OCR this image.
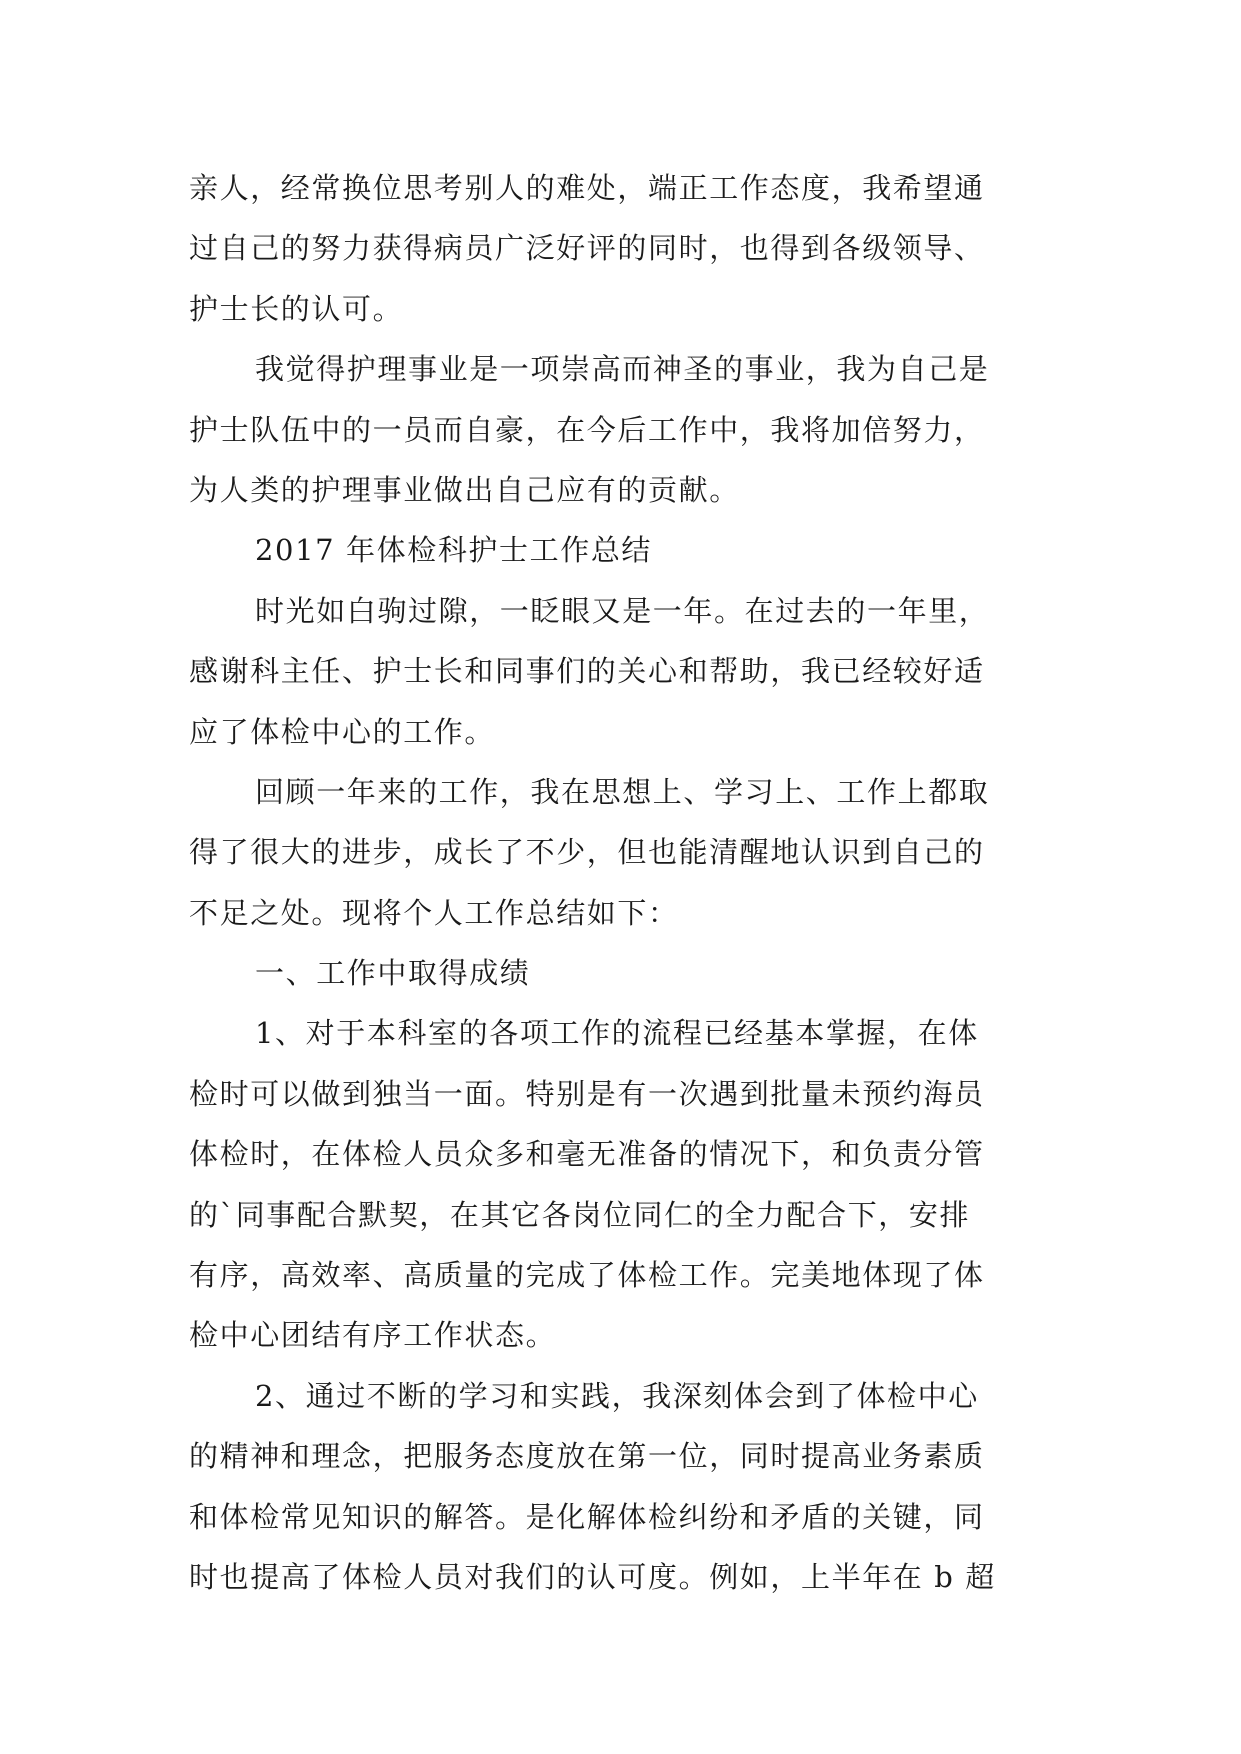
亲人，经常换位思考别人的难处，端正工作态度，我希望通
过自己的努力获得病员广泛好评的同时，也得到各级领导、
护士长的认可。
我觉得护理事业是一项崇高而神圣的事业，我为自己是
护士队伍中的一员而自豪，在今后工作中，我将加倍努力，
为人类的护理事业做出自己应有的贡献。
2017 年体检科护士工作总结
时光如白驹过隙，一眨眼又是一年。在过去的一年里，
感谢科主任、护士长和同事们的关心和帮助，我已经较好适
应了体检中心的工作。
回顾一年来的工作，我在思想上、学习上、工作上都取
得了很大的进步，成长了不少，但也能清醒地认识到自己的
不足之处。现将个人工作总结如下：
一、工作中取得成绩
1、对于本科室的各项工作的流程已经基本掌握，在体
检时可以做到独当一面。特别是有一次遇到批量未预约海员
体检时，在体检人员众多和毫无准备的情况下，和负责分管
的`同事配合默契，在其它各岗位同仁的全力配合下，安排
有序，高效率、高质量的完成了体检工作。完美地体现了体
检中心团结有序工作状态。
2、通过不断的学习和实践，我深刻体会到了体检中心
的精神和理念，把服务态度放在第一位，同时提高业务素质
和体检常见知识的解答。是化解体检纠纷和矛盾的关键，同
时也提高了体检人员对我们的认可度。例如，上半年在 b 超
